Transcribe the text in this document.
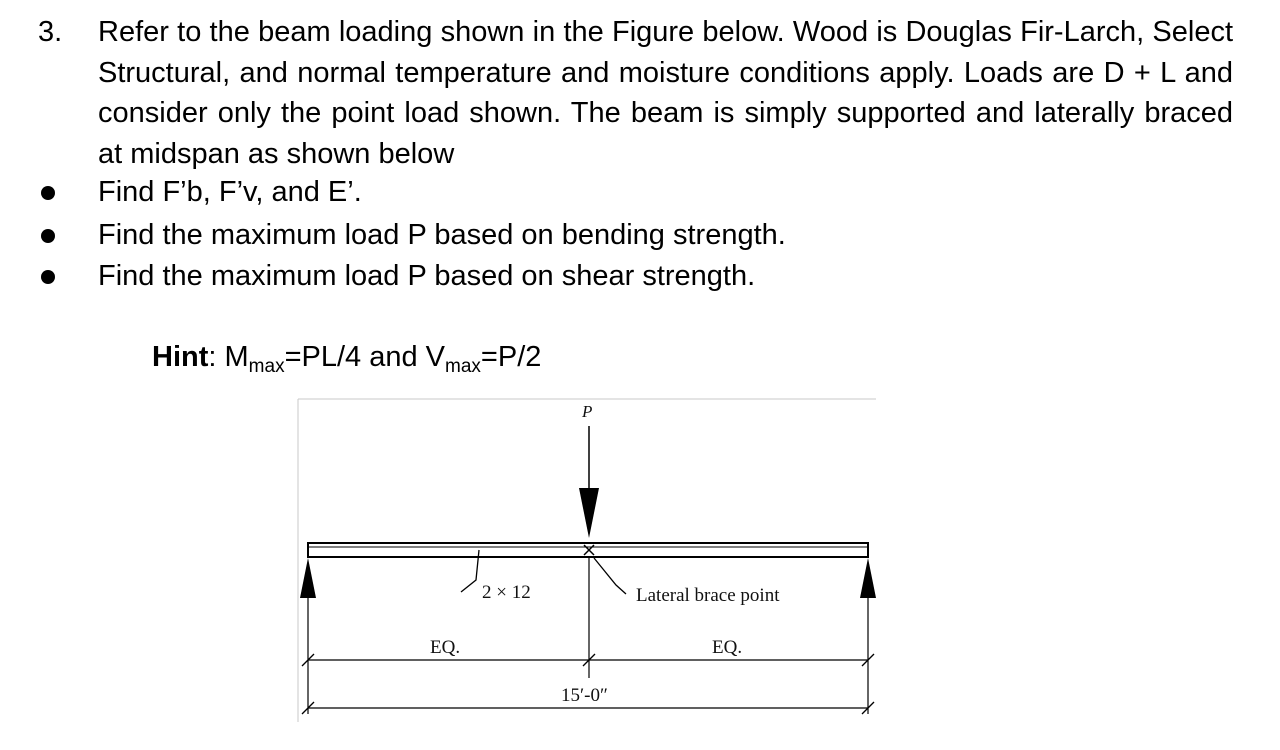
3. Refer to the beam loading shown in the Figure below. Wood is Douglas Fir-Larch, Select Structural, and normal temperature and moisture conditions apply. Loads are D + L and consider only the point load shown. The beam is simply supported and laterally braced at midspan as shown below
Find F’b, F’v, and E’.
Find the maximum load P based on bending strength.
Find the maximum load P based on shear strength.
Hint: $M_{max}=PL/4$ and $V_{max}=P/2$
P
2 × 12	Lateral brace point
EQ.	EQ.
15′-0″
